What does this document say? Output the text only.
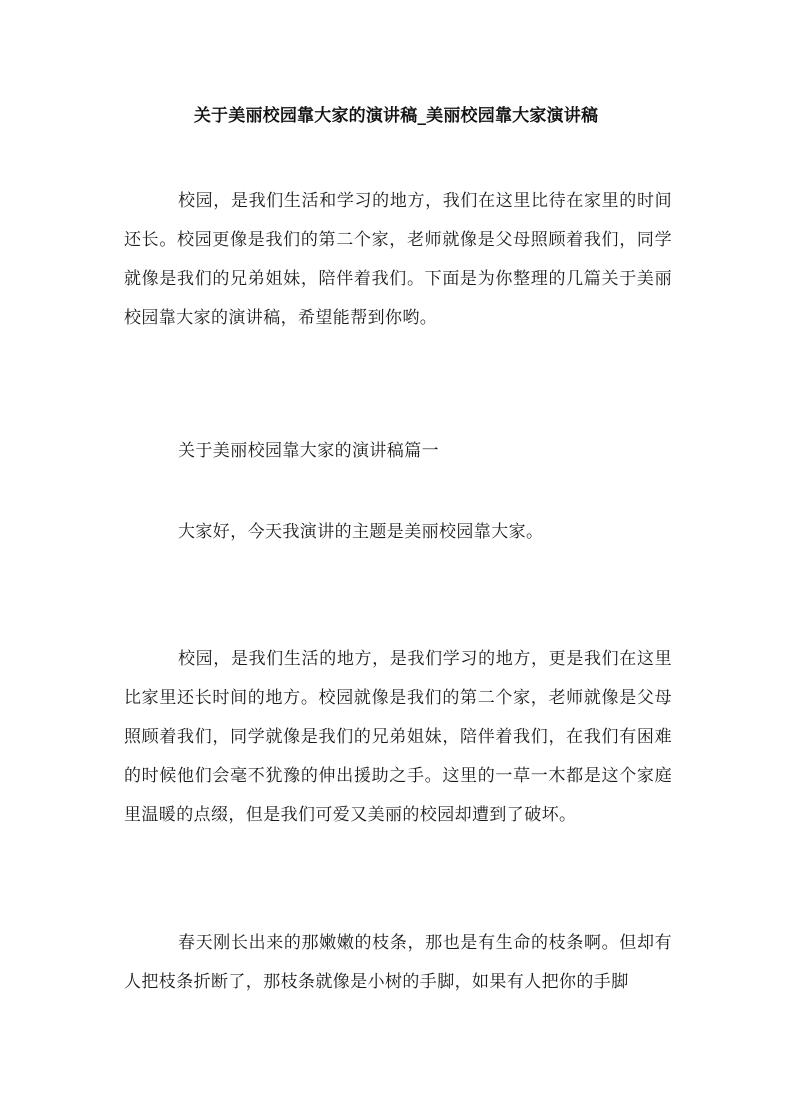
关于美丽校园靠大家的演讲稿_美丽校园靠大家演讲稿

校园，是我们生活和学习的地方，我们在这里比待在家里的时间还长。校园更像是我们的第二个家，老师就像是父母照顾着我们，同学就像是我们的兄弟姐妹，陪伴着我们。下面是为你整理的几篇关于美丽校园靠大家的演讲稿，希望能帮到你哟。

关于美丽校园靠大家的演讲稿篇一

大家好，今天我演讲的主题是美丽校园靠大家。

校园，是我们生活的地方，是我们学习的地方，更是我们在这里比家里还长时间的地方。校园就像是我们的第二个家，老师就像是父母照顾着我们，同学就像是我们的兄弟姐妹，陪伴着我们，在我们有困难的时候他们会毫不犹豫的伸出援助之手。这里的一草一木都是这个家庭里温暖的点缀，但是我们可爱又美丽的校园却遭到了破坏。

春天刚长出来的那嫩嫩的枝条，那也是有生命的枝条啊。但却有人把枝条折断了，那枝条就像是小树的手脚，如果有人把你的手脚
